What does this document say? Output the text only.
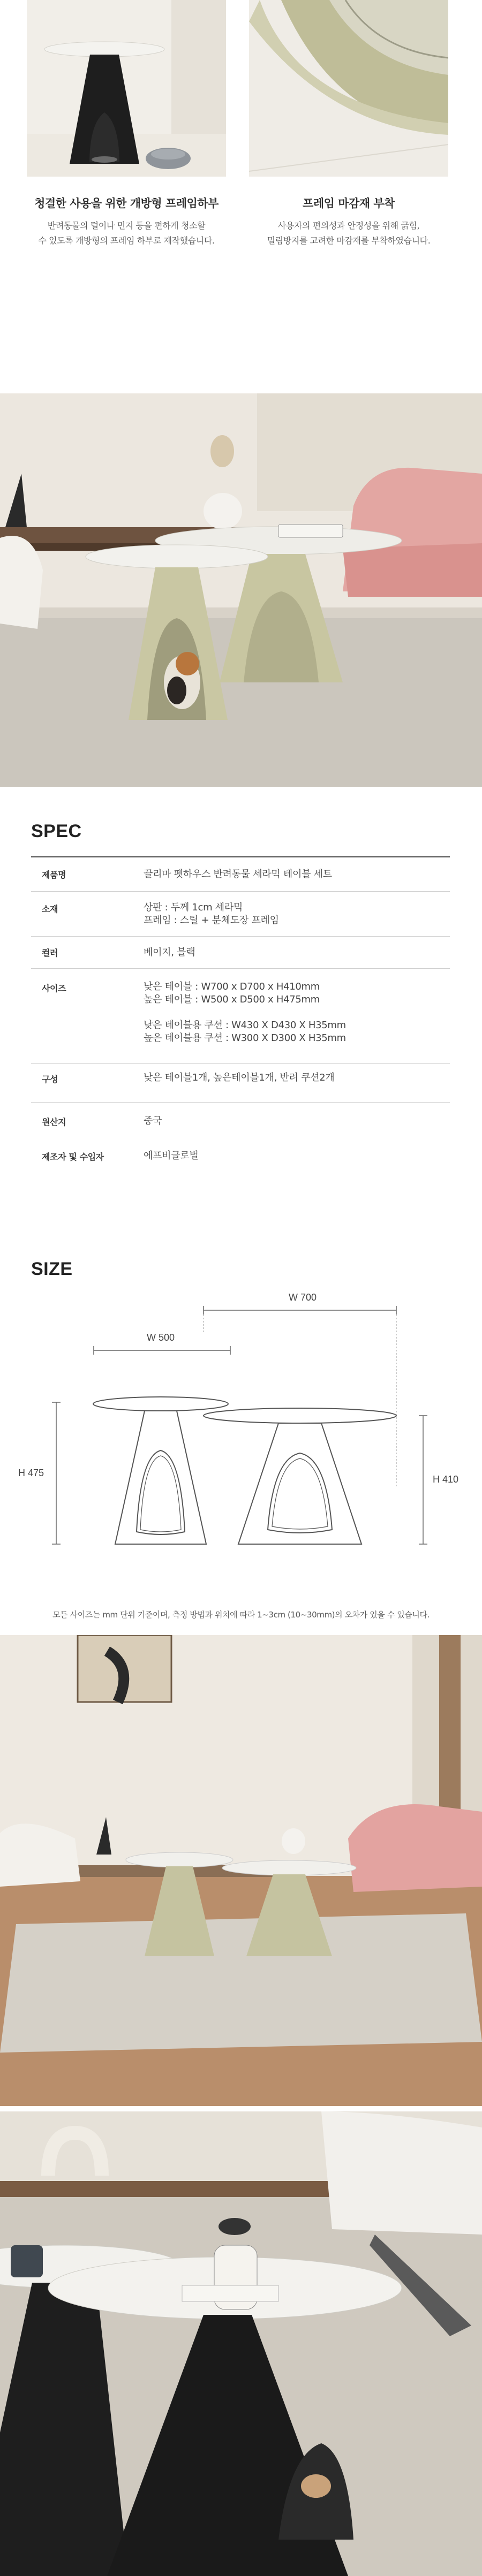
청결한 사용을 위한 개방형 프레임하부
반려동물의 털이나 먼지 등을 편하게 청소할
수 있도록 개방형의 프레임 하부로 제작했습니다.
프레임 마감재 부착
사용자의 편의성과 안정성을 위해 긁힘,
밀림방지를 고려한 마감재를 부착하였습니다.
SPEC
제품명	끌리마 펫하우스 반려동물 세라믹 테이블 세트
소재	상판 : 두께 1cm 세라믹
프레임 : 스틸 + 분체도장 프레임
컬러	베이지, 블랙
사이즈	낮은 테이블 : W700 x D700 x H410mm
높은 테이블 : W500 x D500 x H475mm
낮은 테이블용 쿠션 : W430 X D430 X H35mm
높은 테이블용 쿠션 : W300 X D300 X H35mm
구성	낮은 테이블1개, 높은테이블1개, 반려 쿠션2개
원산지	중국
제조자 및 수입자	에프비글로벌
SIZE
W 700
W 500
H 475
H 410
모든 사이즈는 mm 단위 기준이며, 측정 방법과 위치에 따라 1~3cm (10~30mm)의 오차가 있을 수 있습니다.
